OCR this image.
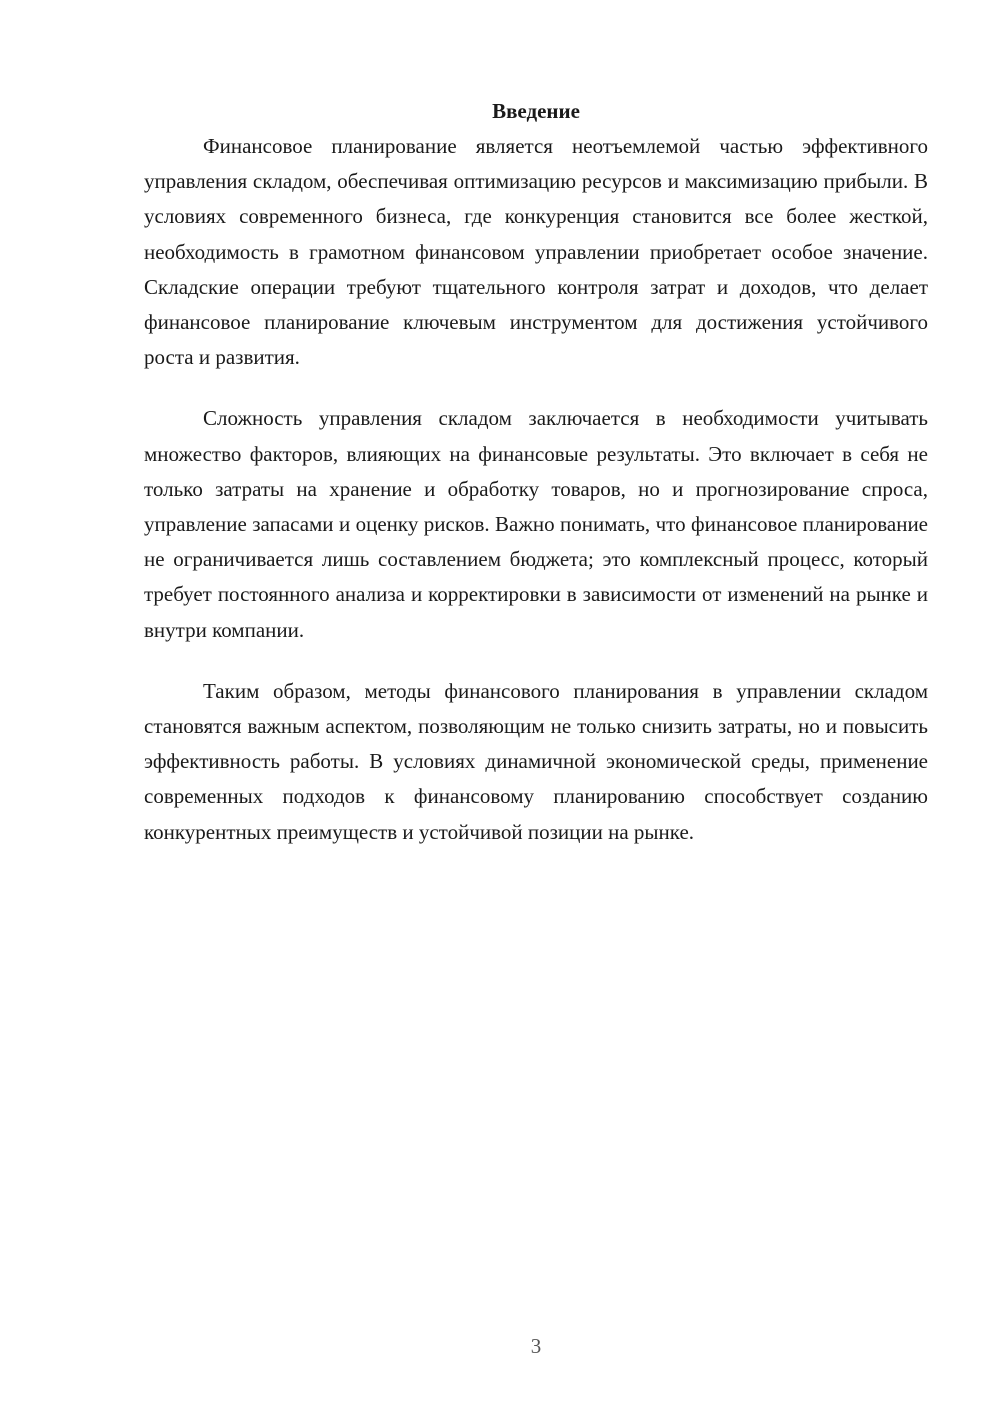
Введение

Финансовое планирование является неотъемлемой частью эффективного управления складом, обеспечивая оптимизацию ресурсов и максимизацию прибыли. В условиях современного бизнеса, где конкуренция становится все более жесткой, необходимость в грамотном финансовом управлении приобретает особое значение. Складские операции требуют тщательного контроля затрат и доходов, что делает финансовое планирование ключевым инструментом для достижения устойчивого роста и развития.

Сложность управления складом заключается в необходимости учитывать множество факторов, влияющих на финансовые результаты. Это включает в себя не только затраты на хранение и обработку товаров, но и прогнозирование спроса, управление запасами и оценку рисков. Важно понимать, что финансовое планирование не ограничивается лишь составлением бюджета; это комплексный процесс, который требует постоянного анализа и корректировки в зависимости от изменений на рынке и внутри компании.

Таким образом, методы финансового планирования в управлении складом становятся важным аспектом, позволяющим не только снизить затраты, но и повысить эффективность работы. В условиях динамичной экономической среды, применение современных подходов к финансовому планированию способствует созданию конкурентных преимуществ и устойчивой позиции на рынке.

3
